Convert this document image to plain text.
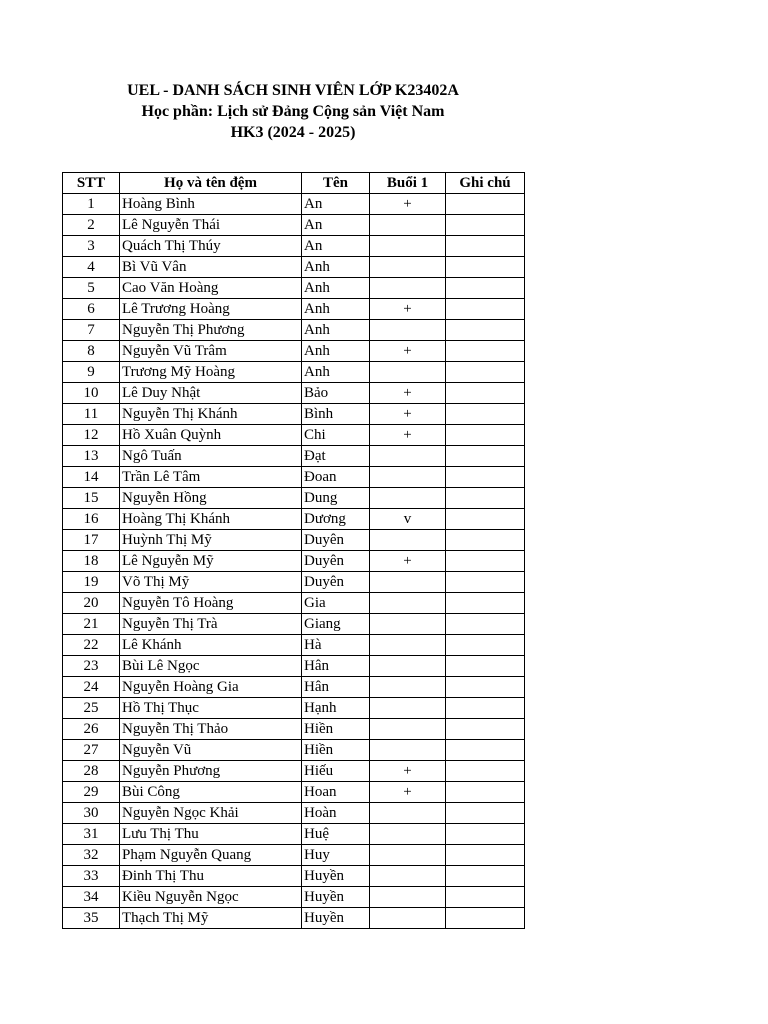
UEL - DANH SÁCH SINH VIÊN LỚP K23402A
Học phần: Lịch sử Đảng Cộng sản Việt Nam
HK3 (2024 - 2025)
STT	Họ và tên đệm	Tên	Buổi 1	Ghi chú
1	Hoàng Bình	An	+	
2	Lê Nguyễn Thái	An		
3	Quách Thị Thúy	An		
4	Bì Vũ Vân	Anh		
5	Cao Văn Hoàng	Anh		
6	Lê Trương Hoàng	Anh	+	
7	Nguyễn Thị Phương	Anh		
8	Nguyễn Vũ Trâm	Anh	+	
9	Trương Mỹ Hoàng	Anh		
10	Lê Duy Nhật	Bảo	+	
11	Nguyễn Thị Khánh	Bình	+	
12	Hồ Xuân Quỳnh	Chi	+	
13	Ngô Tuấn	Đạt		
14	Trần Lê Tâm	Đoan		
15	Nguyễn Hồng	Dung		
16	Hoàng Thị Khánh	Dương	v	
17	Huỳnh Thị Mỹ	Duyên		
18	Lê Nguyễn Mỹ	Duyên	+	
19	Võ Thị Mỹ	Duyên		
20	Nguyễn Tô Hoàng	Gia		
21	Nguyễn Thị Trà	Giang		
22	Lê Khánh	Hà		
23	Bùi Lê Ngọc	Hân		
24	Nguyễn Hoàng Gia	Hân		
25	Hồ Thị Thục	Hạnh		
26	Nguyễn Thị Thảo	Hiền		
27	Nguyễn Vũ	Hiền		
28	Nguyễn Phương	Hiếu	+	
29	Bùi Công	Hoan	+	
30	Nguyễn Ngọc Khải	Hoàn		
31	Lưu Thị Thu	Huệ		
32	Phạm Nguyễn Quang	Huy		
33	Đinh Thị Thu	Huyền		
34	Kiều Nguyễn Ngọc	Huyền		
35	Thạch Thị Mỹ	Huyền		
